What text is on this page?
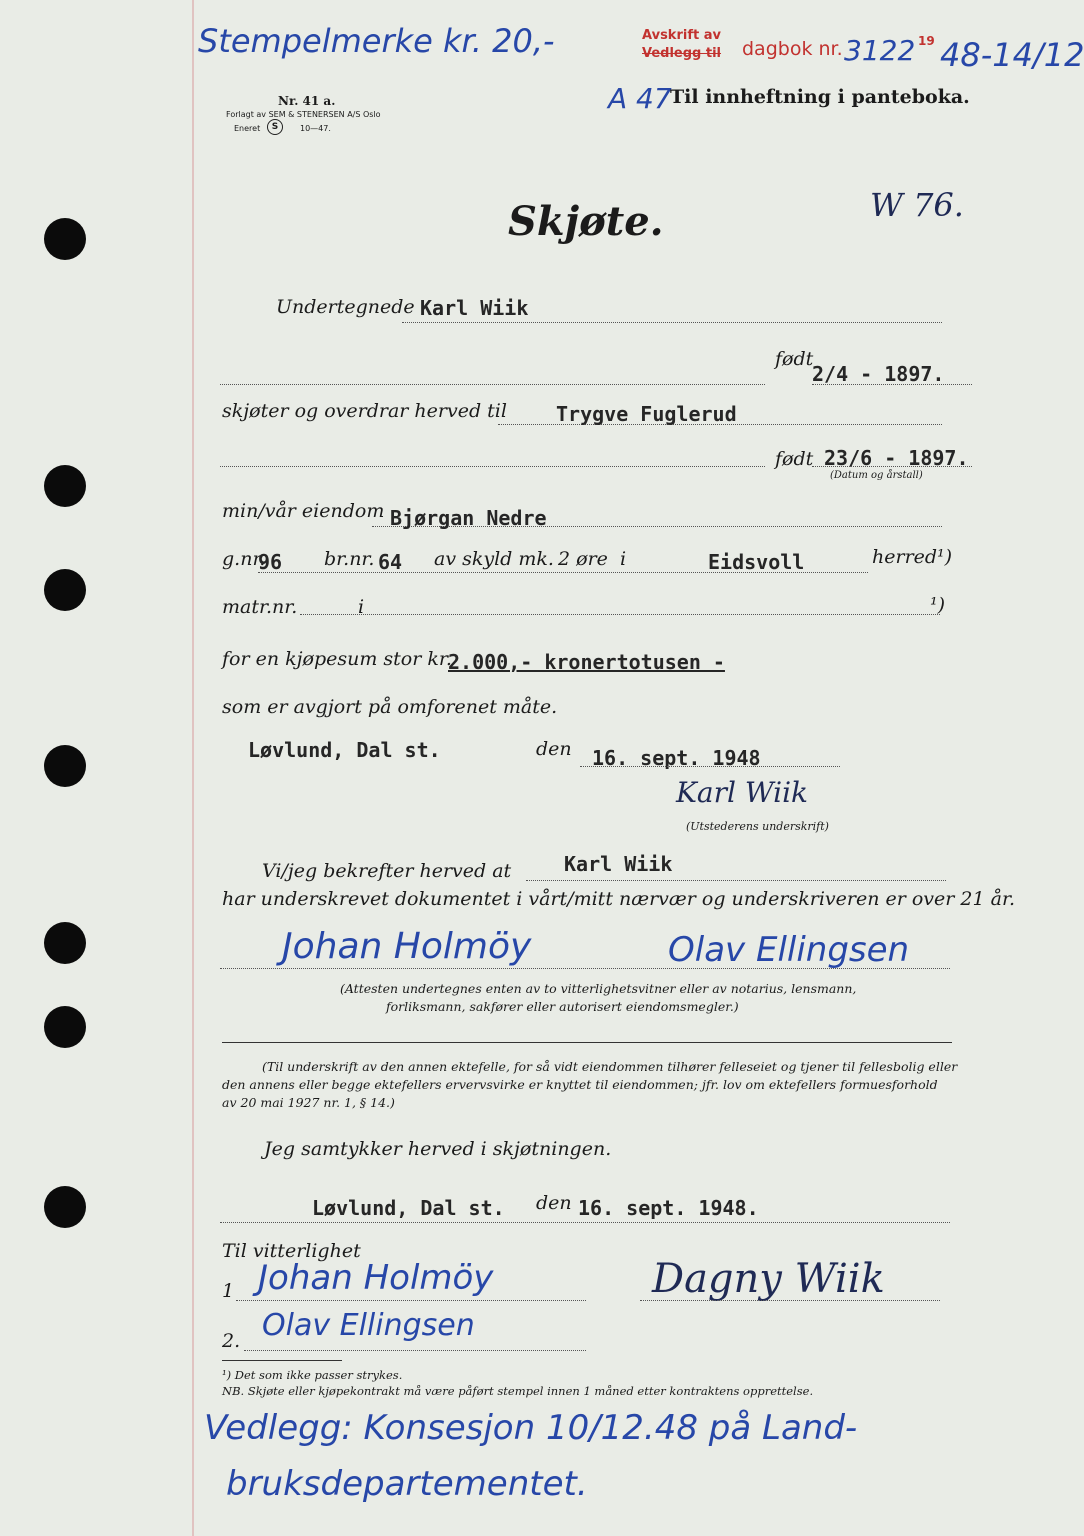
Stempelmerke kr. 20,-	Avskrift av
Vedlegg til dagbok nr. 3122 19 48-14/12
A 47
Til innheftning i panteboka.
Nr. 41 a.
Forlagt av SEM & STENERSEN A/S Oslo
Eneret	S	10—47.
W 76.
Skjøte.
Undertegnede Karl Wiik
født
2/4 - 1897.
skjøter og overdrar herved til Trygve Fuglerud
født 23/6 - 1897.
(Datum og årstall)
min/vår eiendom Bjørgan Nedre
g.nr.
96 br.nr. 64 av skyld mk. 2 øre i	Eidsvoll	herred¹)
matr.nr.	i	¹)
for en kjøpesum stor kr.
2.000,- kronertotusen -
som er avgjort på omforenet måte.
Løvlund, Dal st.	den 16. sept. 1948
Karl Wiik
(Utstederens underskrift)
Vi/jeg bekrefter herved at	Karl Wiik
har underskrevet dokumentet i vårt/mitt nærvær og underskriveren er over 21 år.
Johan Holmöy	Olav Ellingsen
(Attesten undertegnes enten av to vitterlighetsvitner eller av notarius, lensmann,
forliksmann, sakfører eller autorisert eiendomsmegler.)
(Til underskrift av den annen ektefelle, for så vidt eiendommen tilhører felleseiet og tjener til fellesbolig eller
den annens eller begge ektefellers ervervsvirke er knyttet til eiendommen; jfr. lov om ektefellers formuesforhold
av 20 mai 1927 nr. 1, § 14.)
Jeg samtykker herved i skjøtningen.
Løvlund, Dal st. den 16. sept. 1948.
Til vitterlighet
1 Johan Holmöy
2. Olav Ellingsen
Dagny Wiik
¹) Det som ikke passer strykes.
NB. Skjøte eller kjøpekontrakt må være påført stempel innen 1 måned etter kontraktens opprettelse.
Vedlegg: Konsesjon 10/12.48 på Land-
bruksdepartementet.
